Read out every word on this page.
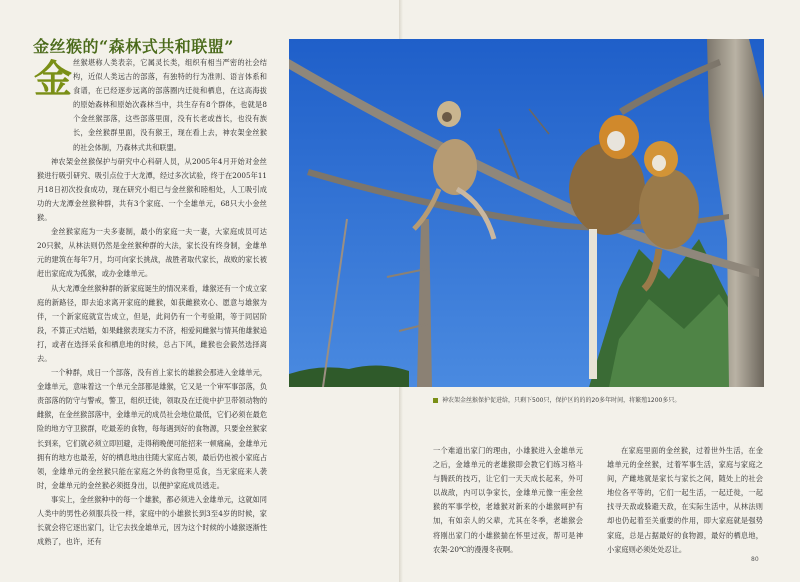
金丝猴的“森林式共和联盟”
金 丝猴堪称人类表亲，它属灵长类，组织有相当严密的社会结构，近似人类远古的部落，有独特的行为准则、语言体系和食谱，在已经逐步远离的部落圈内迁徙和栖息，在这高海拔的原始森林和原始次森林当中，共生存有8个群体，也就是8个金丝猴部落，这些部落里面，没有长老或酋长，也没有族长，金丝猴群里面，没有猴王，现在看上去，神农架金丝猴的社会体制，乃森林式共和联盟。

神农架金丝猴保护与研究中心科研人员，从2005年4月开始对金丝猴进行吸引研究、吸引点位于大龙潭，经过多次试验，终于在2005年11月18日初次投食成功，现在研究小组已与金丝猴和睦相处，人工吸引成功的大龙潭金丝猴种群，共有3个家庭、一个全雄单元，68只大小金丝猴。

金丝猴家庭为一夫多妻制，最小的家庭一夫一妻，大家庭成员可达20只猴，从林法则仍然是金丝猴种群的大法，家长没有终身制，金雄单元的建筑在每年7月，均可向家长挑战，战胜者取代家长，战败的家长被赶出家庭成为孤猴，或办金雄单元。

从大龙潭金丝猴种群的新家庭诞生的情况来看，雄猴还有一个成立家庭的新路径，即去追求离开家庭的雌猴，如获雌猴欢心、愿意与雄猴为伴，一个新家庭就宣告成立，但是，此间仍有一个考验期，等于同居阶段，不算正式结婚，如果雌猴表现实力不济，相爱间雌猴与情其他雄猴追打，或者在选择采食和栖息地的时候，总占下风，雌猴也会毅然选择离去。

一个种群，成日一个部落，没有首上家长的雄猴会那进入金雄单元，金雄单元，意味着这一个单元全部都是雄猴，它又是一个审军事部落，负责部落的防守与警戒，警卫，组织迁徙，领取及在迁徙中护卫带领动物的雌猴，在金丝猴部落中，金雄单元的成员社会地位最低，它们必须在最危险的地方守卫猴群，吃最差的食物，每每遇到好的食物源，只要金丝猴家长到来，它们就必须立即回避，走得稍晚便可能招来一顿痛扁，金雄单元拥有的地方也最差，好的栖息地由往随大家庭占领，最后仍也被小家庭占领，金雄单元的金丝猴只能在家庭之外的食物里觅食，当无家庭来人袭时，金雄单元的金丝猴必须挺身出，以便护家庭成员逃走。

事实上，金丝猴种中的每一个雄猴，都必须进入金雄单元，这就如同人类中的男性必须服兵役一样，家庭中的小雄猴长到3至4岁的时候，家长就会将它逐出家门，让它去找金雄单元，因为这个时候的小雄猴逐渐性成熟了，也许，还有

神农架金丝猴保护促进给，只剩下500只，保护区的的的20多年时间，将繁殖1200多只。

一个难道出家门的理由，小雄猴进入金雄单元之后，金雄单元的老雄猴即会教它们练习格斗与腾跃的技巧，让它们一天天成长起来，外可以战敌，内可以争家长，金雄单元像一座金丝猴的军事学校，老雄猴对新来的小雄猴呵护有加，有如亲人的父辈，尤其在冬季，老雄猴会将刚出家门的小雄猴揣在怀里过夜，帮可是神农架-20℃的漫漫冬夜啊。

在家庭里面的金丝猴，过着世外生活，在金雄单元的金丝猴，过着军事生活，家庭与家庭之间，产雌地就是家长与家长之间，随处上的社会地位各平等的，它们一起生活，一起迁徙，一起找寻天敌或躲避天敌，在实际生活中，从林法则却也仍起着至关重要的作用，即大家庭就是强势家庭，总是占据最好的食物源，最好的栖息地，小家庭则必须处处忍让。

80
